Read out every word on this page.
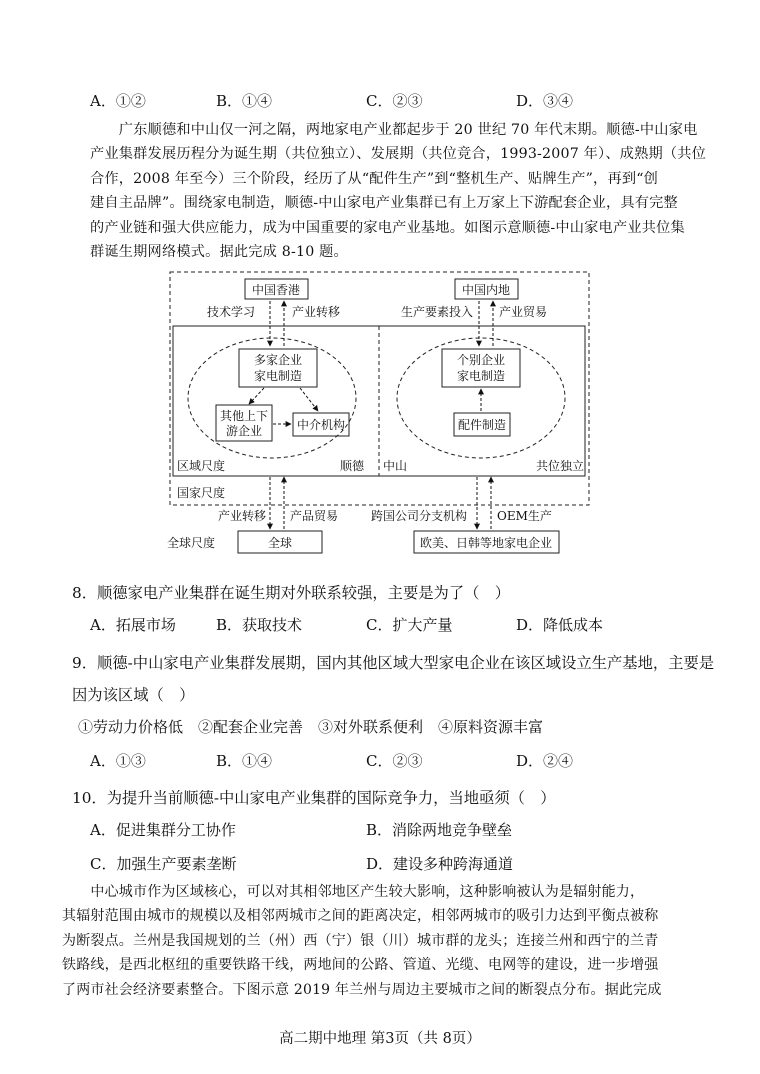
A．①②	B．①④	C．②③	D．③④
　　广东顺德和中山仅一河之隔，两地家电产业都起步于 20 世纪 70 年代末期。顺德-中山家电
产业集群发展历程分为诞生期（共位独立）、发展期（共位竞合，1993-2007 年）、成熟期（共位
合作，2008 年至今）三个阶段，经历了从“配件生产”到“整机生产、贴牌生产”，再到“创
建自主品牌”。围绕家电制造，顺德-中山家电产业集群已有上万家上下游配套企业，具有完整
的产业链和强大供应能力，成为中国重要的家电产业基地。如图示意顺德-中山家电产业共位集
群诞生期网络模式。据此完成 8-10 题。
中国香港	中国内地
技术学习	产业转移	生产要素投入 产业贸易
多家企业
家电制造
其他上下
游企业	中介机构
个别企业
家电制造
配件制造
区域尺度	顺德 中山	共位独立
国家尺度
产业转移 产品贸易	跨国公司分支机构 OEM生产
全球尺度	全球	欧美、日韩等地家电企业
8．顺德家电产业集群在诞生期对外联系较强，主要是为了（　）
A．拓展市场	B．获取技术	C．扩大产量	D．降低成本
9．顺德-中山家电产业集群发展期，国内其他区域大型家电企业在该区域设立生产基地，主要是
因为该区域（　）
①劳动力价格低　②配套企业完善　③对外联系便利　④原料资源丰富
A．①③	B．①④	C．②③	D．②④
10．为提升当前顺德-中山家电产业集群的国际竞争力，当地亟须（　）
A．促进集群分工协作	B．消除两地竞争壁垒
C．加强生产要素垄断	D．建设多种跨海通道
　　中心城市作为区域核心，可以对其相邻地区产生较大影响，这种影响被认为是辐射能力，
其辐射范围由城市的规模以及相邻两城市之间的距离决定，相邻两城市的吸引力达到平衡点被称
为断裂点。兰州是我国规划的兰（州）西（宁）银（川）城市群的龙头；连接兰州和西宁的兰青
铁路线，是西北枢纽的重要铁路干线，两地间的公路、管道、光缆、电网等的建设，进一步增强
了两市社会经济要素整合。下图示意 2019 年兰州与周边主要城市之间的断裂点分布。据此完成
高二期中地理 第3页（共 8页）
